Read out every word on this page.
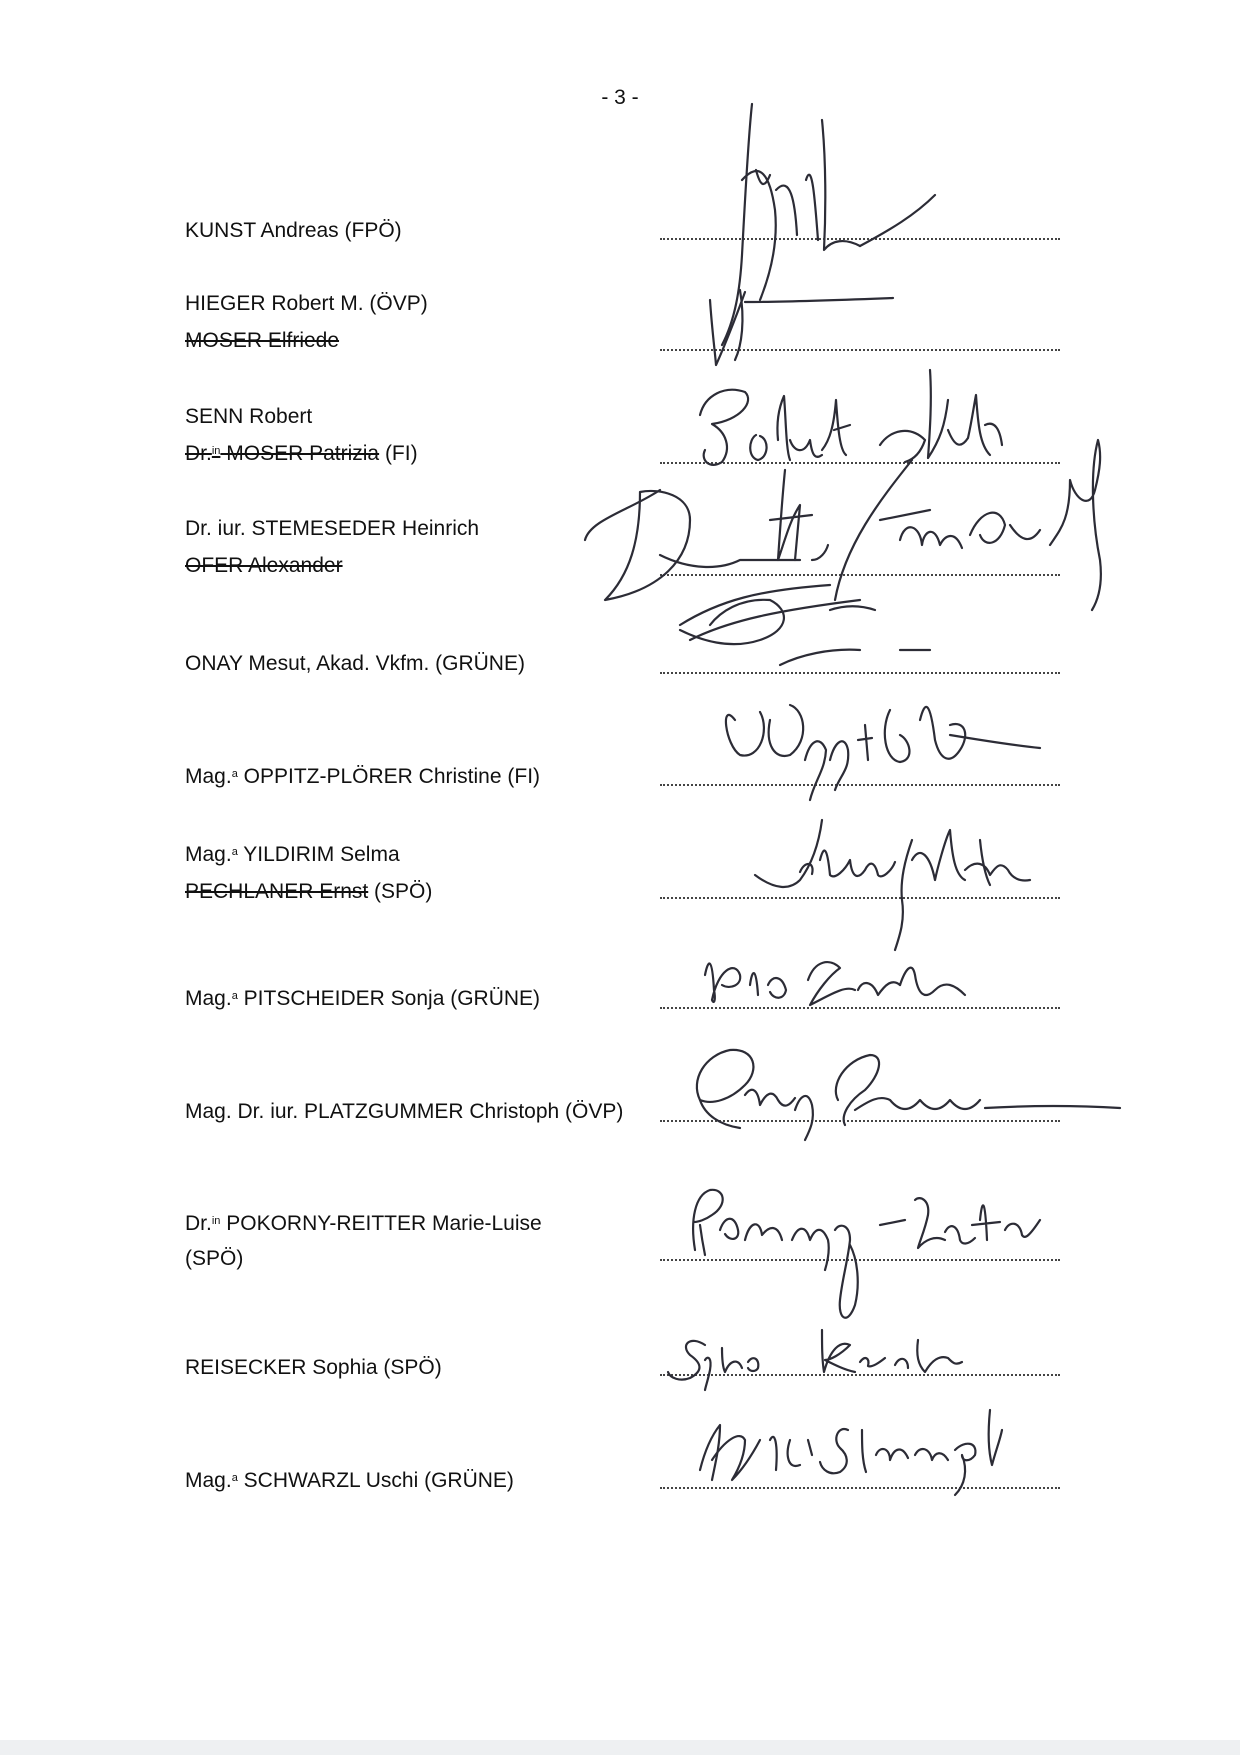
- 3 -
KUNST Andreas (FPÖ)
HIEGER Robert M. (ÖVP)
MOSER Elfriede
SENN Robert
Dr.$^{in}$ MOSER Patrizia (FI)
Dr. iur. STEMESEDER Heinrich
OFER Alexander
ONAY Mesut, Akad. Vkfm. (GRÜNE)
Mag.$^a$ OPPITZ-PLÖRER Christine (FI)
Mag.$^a$ YILDIRIM Selma
PECHLANER Ernst (SPÖ)
Mag.$^a$ PITSCHEIDER Sonja (GRÜNE)
Mag. Dr. iur. PLATZGUMMER Christoph (ÖVP)
Dr.$^{in}$ POKORNY-REITTER Marie-Luise
(SPÖ)
REISECKER Sophia (SPÖ)
Mag.$^a$ SCHWARZL Uschi (GRÜNE)
